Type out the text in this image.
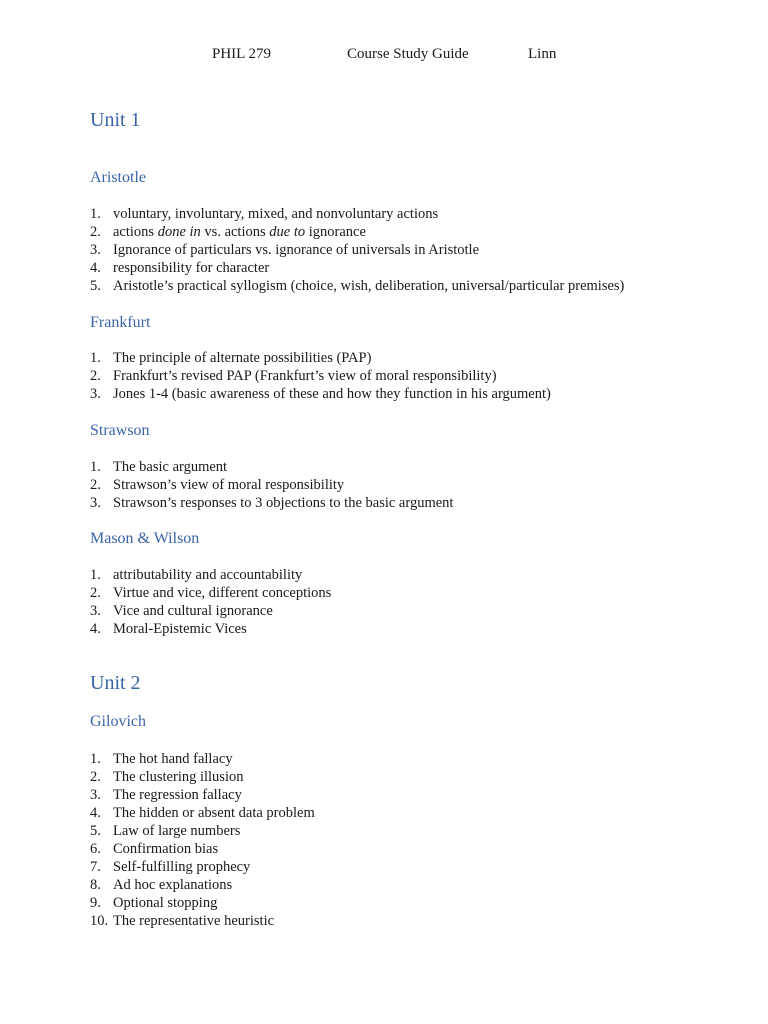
PHIL 279	Course Study Guide	Linn
Unit 1
Aristotle
1. voluntary, involuntary, mixed, and nonvoluntary actions
2. actions done in vs. actions due to ignorance
3. Ignorance of particulars vs. ignorance of universals in Aristotle
4. responsibility for character
5. Aristotle’s practical syllogism (choice, wish, deliberation, universal/particular premises)
Frankfurt
1. The principle of alternate possibilities (PAP)
2. Frankfurt’s revised PAP (Frankfurt’s view of moral responsibility)
3. Jones 1-4 (basic awareness of these and how they function in his argument)
Strawson
1. The basic argument
2. Strawson’s view of moral responsibility
3. Strawson’s responses to 3 objections to the basic argument
Mason & Wilson
1. attributability and accountability
2. Virtue and vice, different conceptions
3. Vice and cultural ignorance
4. Moral-Epistemic Vices
Unit 2
Gilovich
1. The hot hand fallacy
2. The clustering illusion
3. The regression fallacy
4. The hidden or absent data problem
5. Law of large numbers
6. Confirmation bias
7. Self-fulfilling prophecy
8. Ad hoc explanations
9. Optional stopping
10. The representative heuristic
